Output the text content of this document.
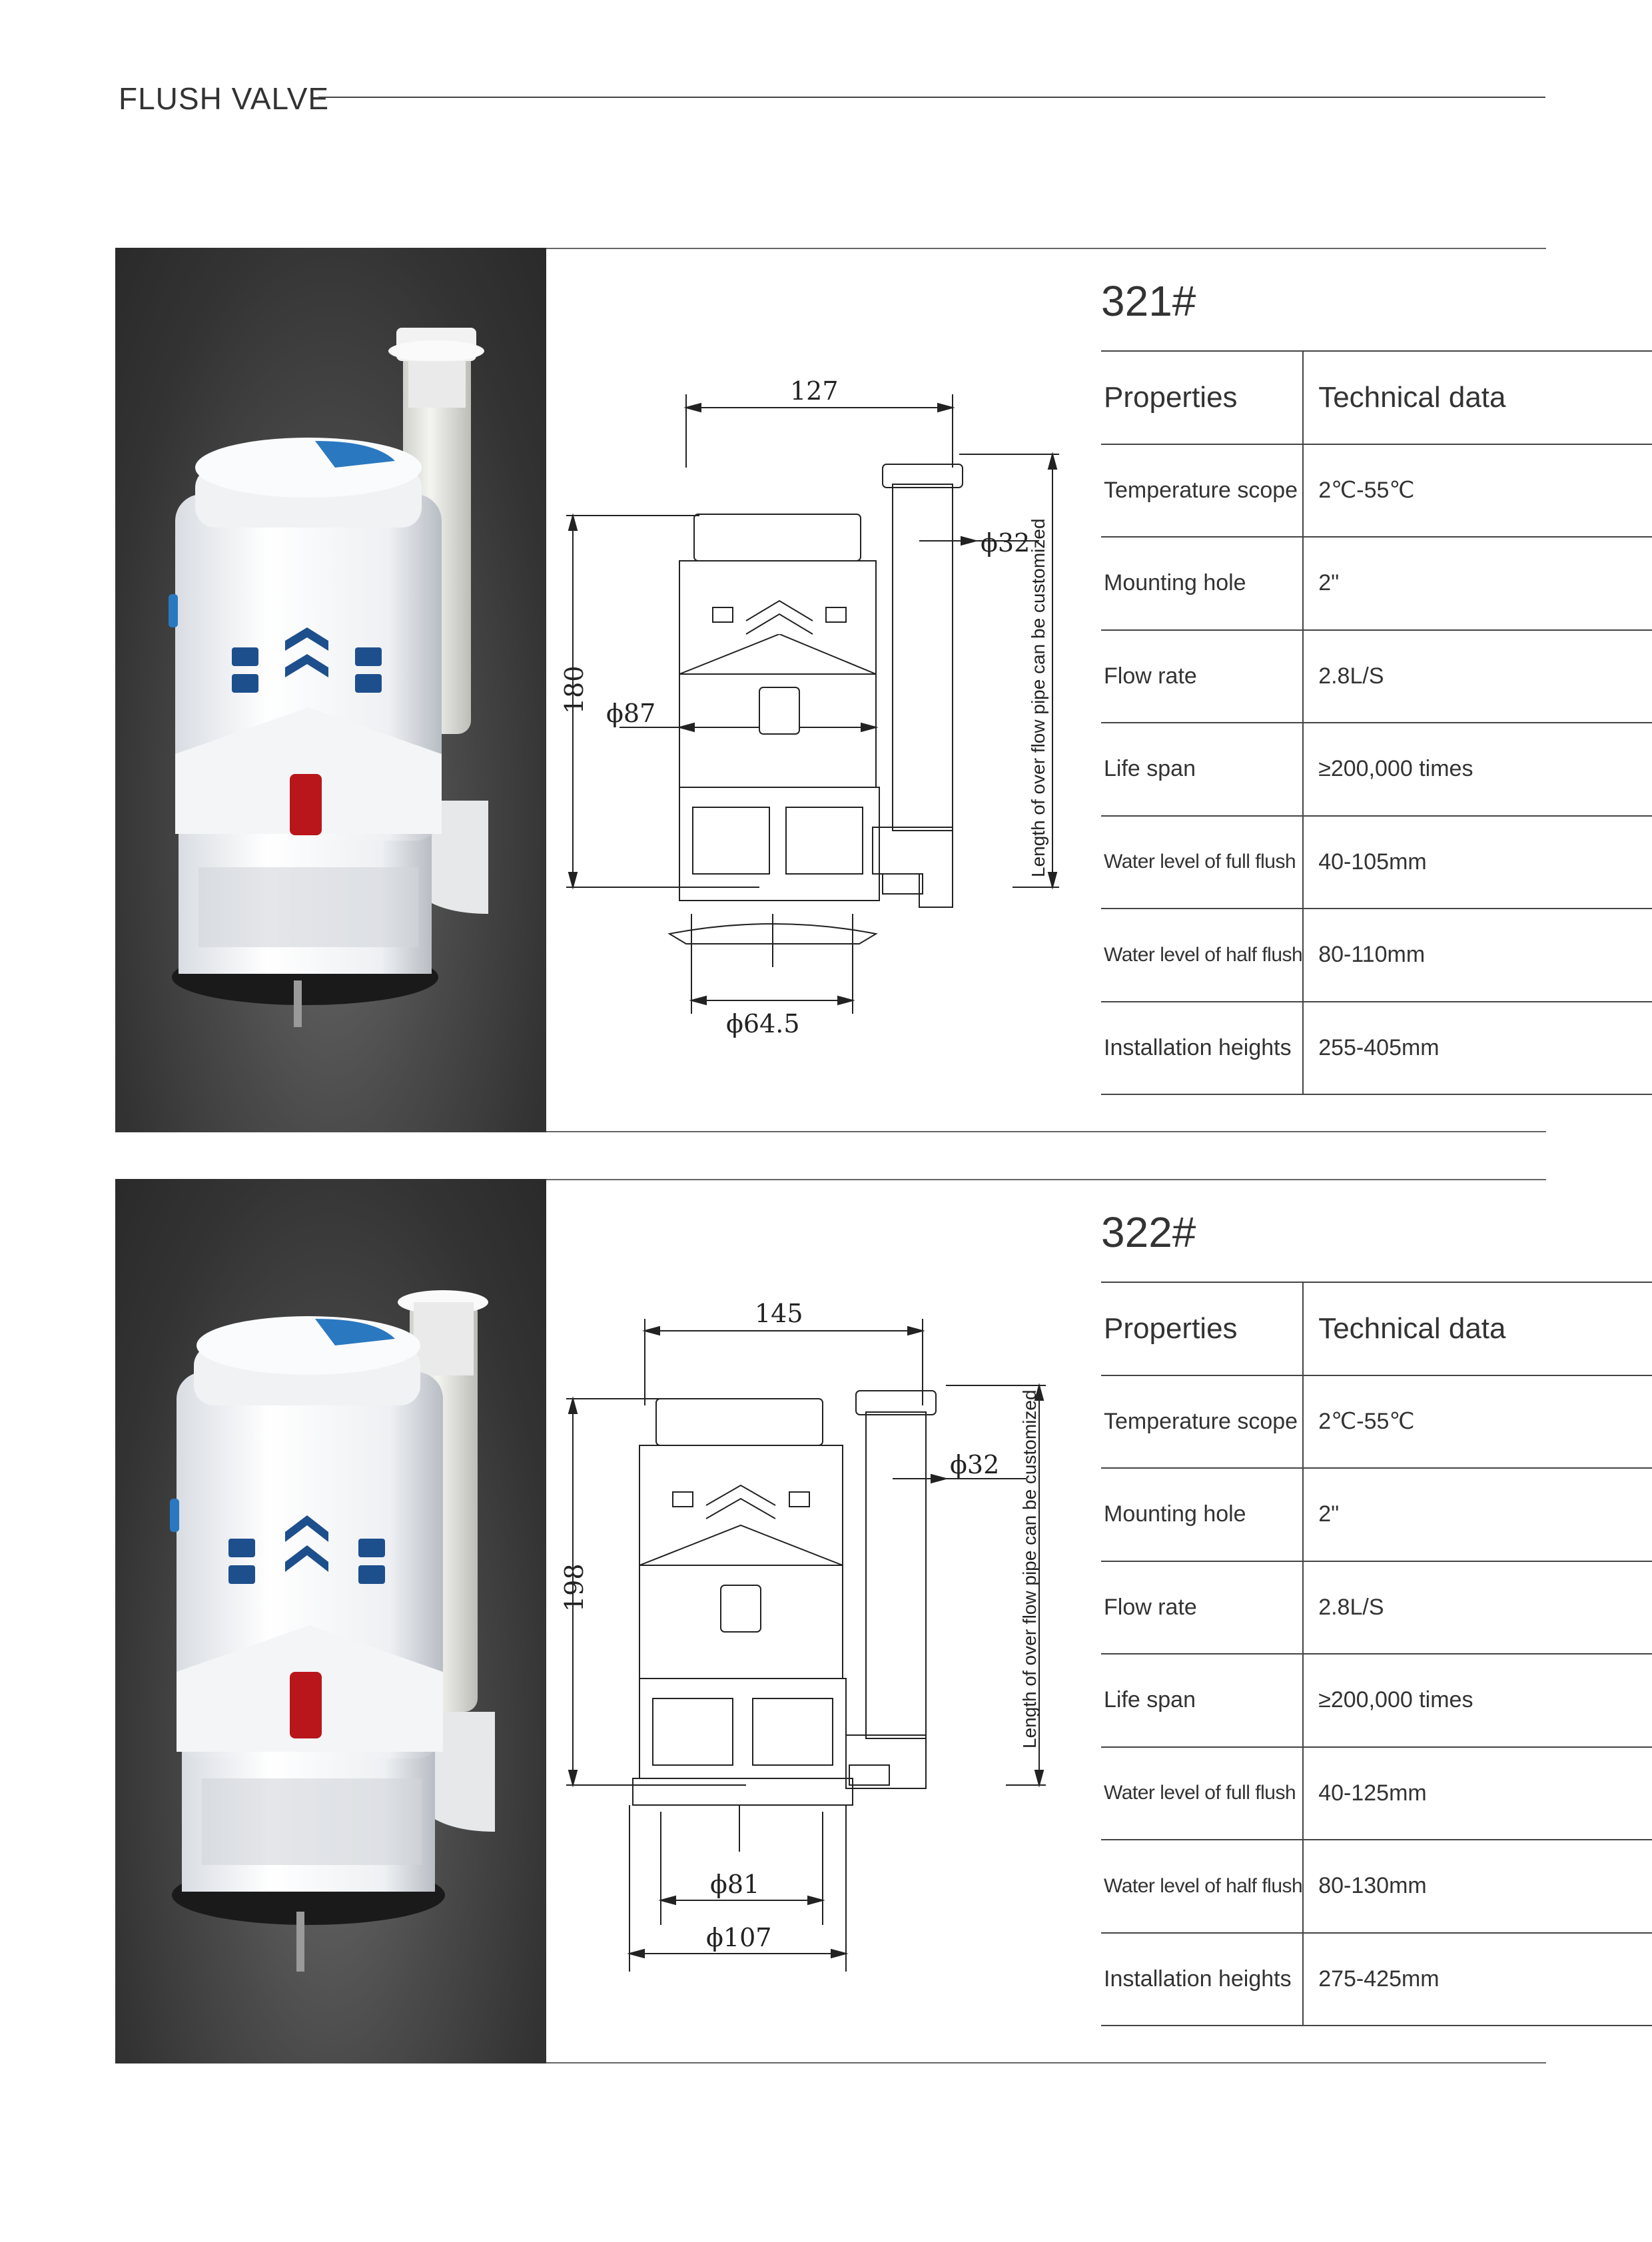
FLUSH VALVE
127
180 ϕ87
ϕ32
ϕ64.5
Length of over flow pipe can be customized
321#
Properties	Technical data
Temperature scope	2℃-55℃
Mounting hole	2"
Flow rate	2.8L/S
Life span	≥200,000 times
Water level of full flush	40-105mm
Water level of half flush	80-110mm
Installation heights	255-405mm
145
198
ϕ32
ϕ81
ϕ107
Length of over flow pipe can be customized
322#
Properties	Technical data
Temperature scope	2℃-55℃
Mounting hole	2"
Flow rate	2.8L/S
Life span	≥200,000 times
Water level of full flush	40-125mm
Water level of half flush	80-130mm
Installation heights	275-425mm
